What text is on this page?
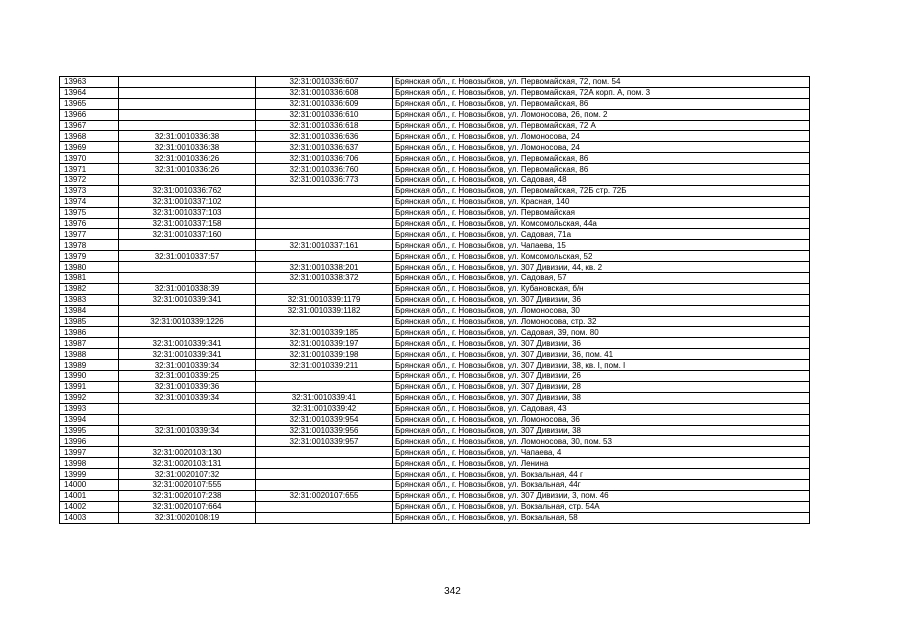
13963		32:31:0010336:607	Брянская обл., г. Новозыбков, ул. Первомайская, 72, пом. 54
13964		32:31:0010336:608	Брянская обл., г. Новозыбков, ул. Первомайская, 72А корп. А, пом. 3
13965		32:31:0010336:609	Брянская обл., г. Новозыбков, ул. Первомайская, 86
13966		32:31:0010336:610	Брянская обл., г. Новозыбков, ул. Ломоносова, 26, пом. 2
13967		32:31:0010336:618	Брянская обл., г. Новозыбков, ул. Первомайская, 72 А
13968	32:31:0010336:38	32:31:0010336:636	Брянская обл., г. Новозыбков, ул. Ломоносова, 24
13969	32:31:0010336:38	32:31:0010336:637	Брянская обл., г. Новозыбков, ул. Ломоносова, 24
13970	32:31:0010336:26	32:31:0010336:706	Брянская обл., г. Новозыбков, ул. Первомайская, 86
13971	32:31:0010336:26	32:31:0010336:760	Брянская обл., г. Новозыбков, ул. Первомайская, 86
13972		32:31:0010336:773	Брянская обл., г. Новозыбков, ул. Садовая, 48
13973	32:31:0010336:762		Брянская обл., г. Новозыбков, ул. Первомайская, 72Б стр. 72Б
13974	32:31:0010337:102		Брянская обл., г. Новозыбков, ул. Красная, 140
13975	32:31:0010337:103		Брянская обл., г. Новозыбков, ул. Первомайская
13976	32:31:0010337:158		Брянская обл., г. Новозыбков, ул. Комсомольская, 44а
13977	32:31:0010337:160		Брянская обл., г. Новозыбков, ул. Садовая, 71а
13978		32:31:0010337:161	Брянская обл., г. Новозыбков, ул. Чапаева, 15
13979	32:31:0010337:57		Брянская обл., г. Новозыбков, ул. Комсомольская, 52
13980		32:31:0010338:201	Брянская обл., г. Новозыбков, ул. 307 Дивизии, 44, кв. 2
13981		32:31:0010338:372	Брянская обл., г. Новозыбков, ул. Садовая, 57
13982	32:31:0010338:39		Брянская обл., г. Новозыбков, ул. Кубановская, б/н
13983	32:31:0010339:341	32:31:0010339:1179	Брянская обл., г. Новозыбков, ул. 307 Дивизии, 36
13984		32:31:0010339:1182	Брянская обл., г. Новозыбков, ул. Ломоносова, 30
13985	32:31:0010339:1226		Брянская обл., г. Новозыбков, ул. Ломоносова, стр. 32
13986		32:31:0010339:185	Брянская обл., г. Новозыбков, ул. Садовая, 39, пом. 80
13987	32:31:0010339:341	32:31:0010339:197	Брянская обл., г. Новозыбков, ул. 307 Дивизии, 36
13988	32:31:0010339:341	32:31:0010339:198	Брянская обл., г. Новозыбков, ул. 307 Дивизии, 36, пом. 41
13989	32:31:0010339:34	32:31:0010339:211	Брянская обл., г. Новозыбков, ул. 307 Дивизии, 38, кв. I, пом. I
13990	32:31:0010339:25		Брянская обл., г. Новозыбков, ул. 307 Дивизии, 26
13991	32:31:0010339:36		Брянская обл., г. Новозыбков, ул. 307 Дивизии, 28
13992	32:31:0010339:34	32:31:0010339:41	Брянская обл., г. Новозыбков, ул. 307 Дивизии, 38
13993		32:31:0010339:42	Брянская обл., г. Новозыбков, ул. Садовая, 43
13994		32:31:0010339:954	Брянская обл., г. Новозыбков, ул. Ломоносова, 36
13995	32:31:0010339:34	32:31:0010339:956	Брянская обл., г. Новозыбков, ул. 307 Дивизии, 38
13996		32:31:0010339:957	Брянская обл., г. Новозыбков, ул. Ломоносова, 30, пом. 53
13997	32:31:0020103:130		Брянская обл., г. Новозыбков, ул. Чапаева, 4
13998	32:31:0020103:131		Брянская обл., г. Новозыбков, ул. Ленина
13999	32:31:0020107:32		Брянская обл., г. Новозыбков, ул. Вокзальная, 44 г
14000	32:31:0020107:555		Брянская обл., г. Новозыбков, ул. Вокзальная, 44г
14001	32:31:0020107:238	32:31:0020107:655	Брянская обл., г. Новозыбков, ул. 307 Дивизии, 3, пом. 46
14002	32:31:0020107:664		Брянская обл., г. Новозыбков, ул. Вокзальная, стр. 54А
14003	32:31:0020108:19		Брянская обл., г. Новозыбков, ул. Вокзальная, 58
342
